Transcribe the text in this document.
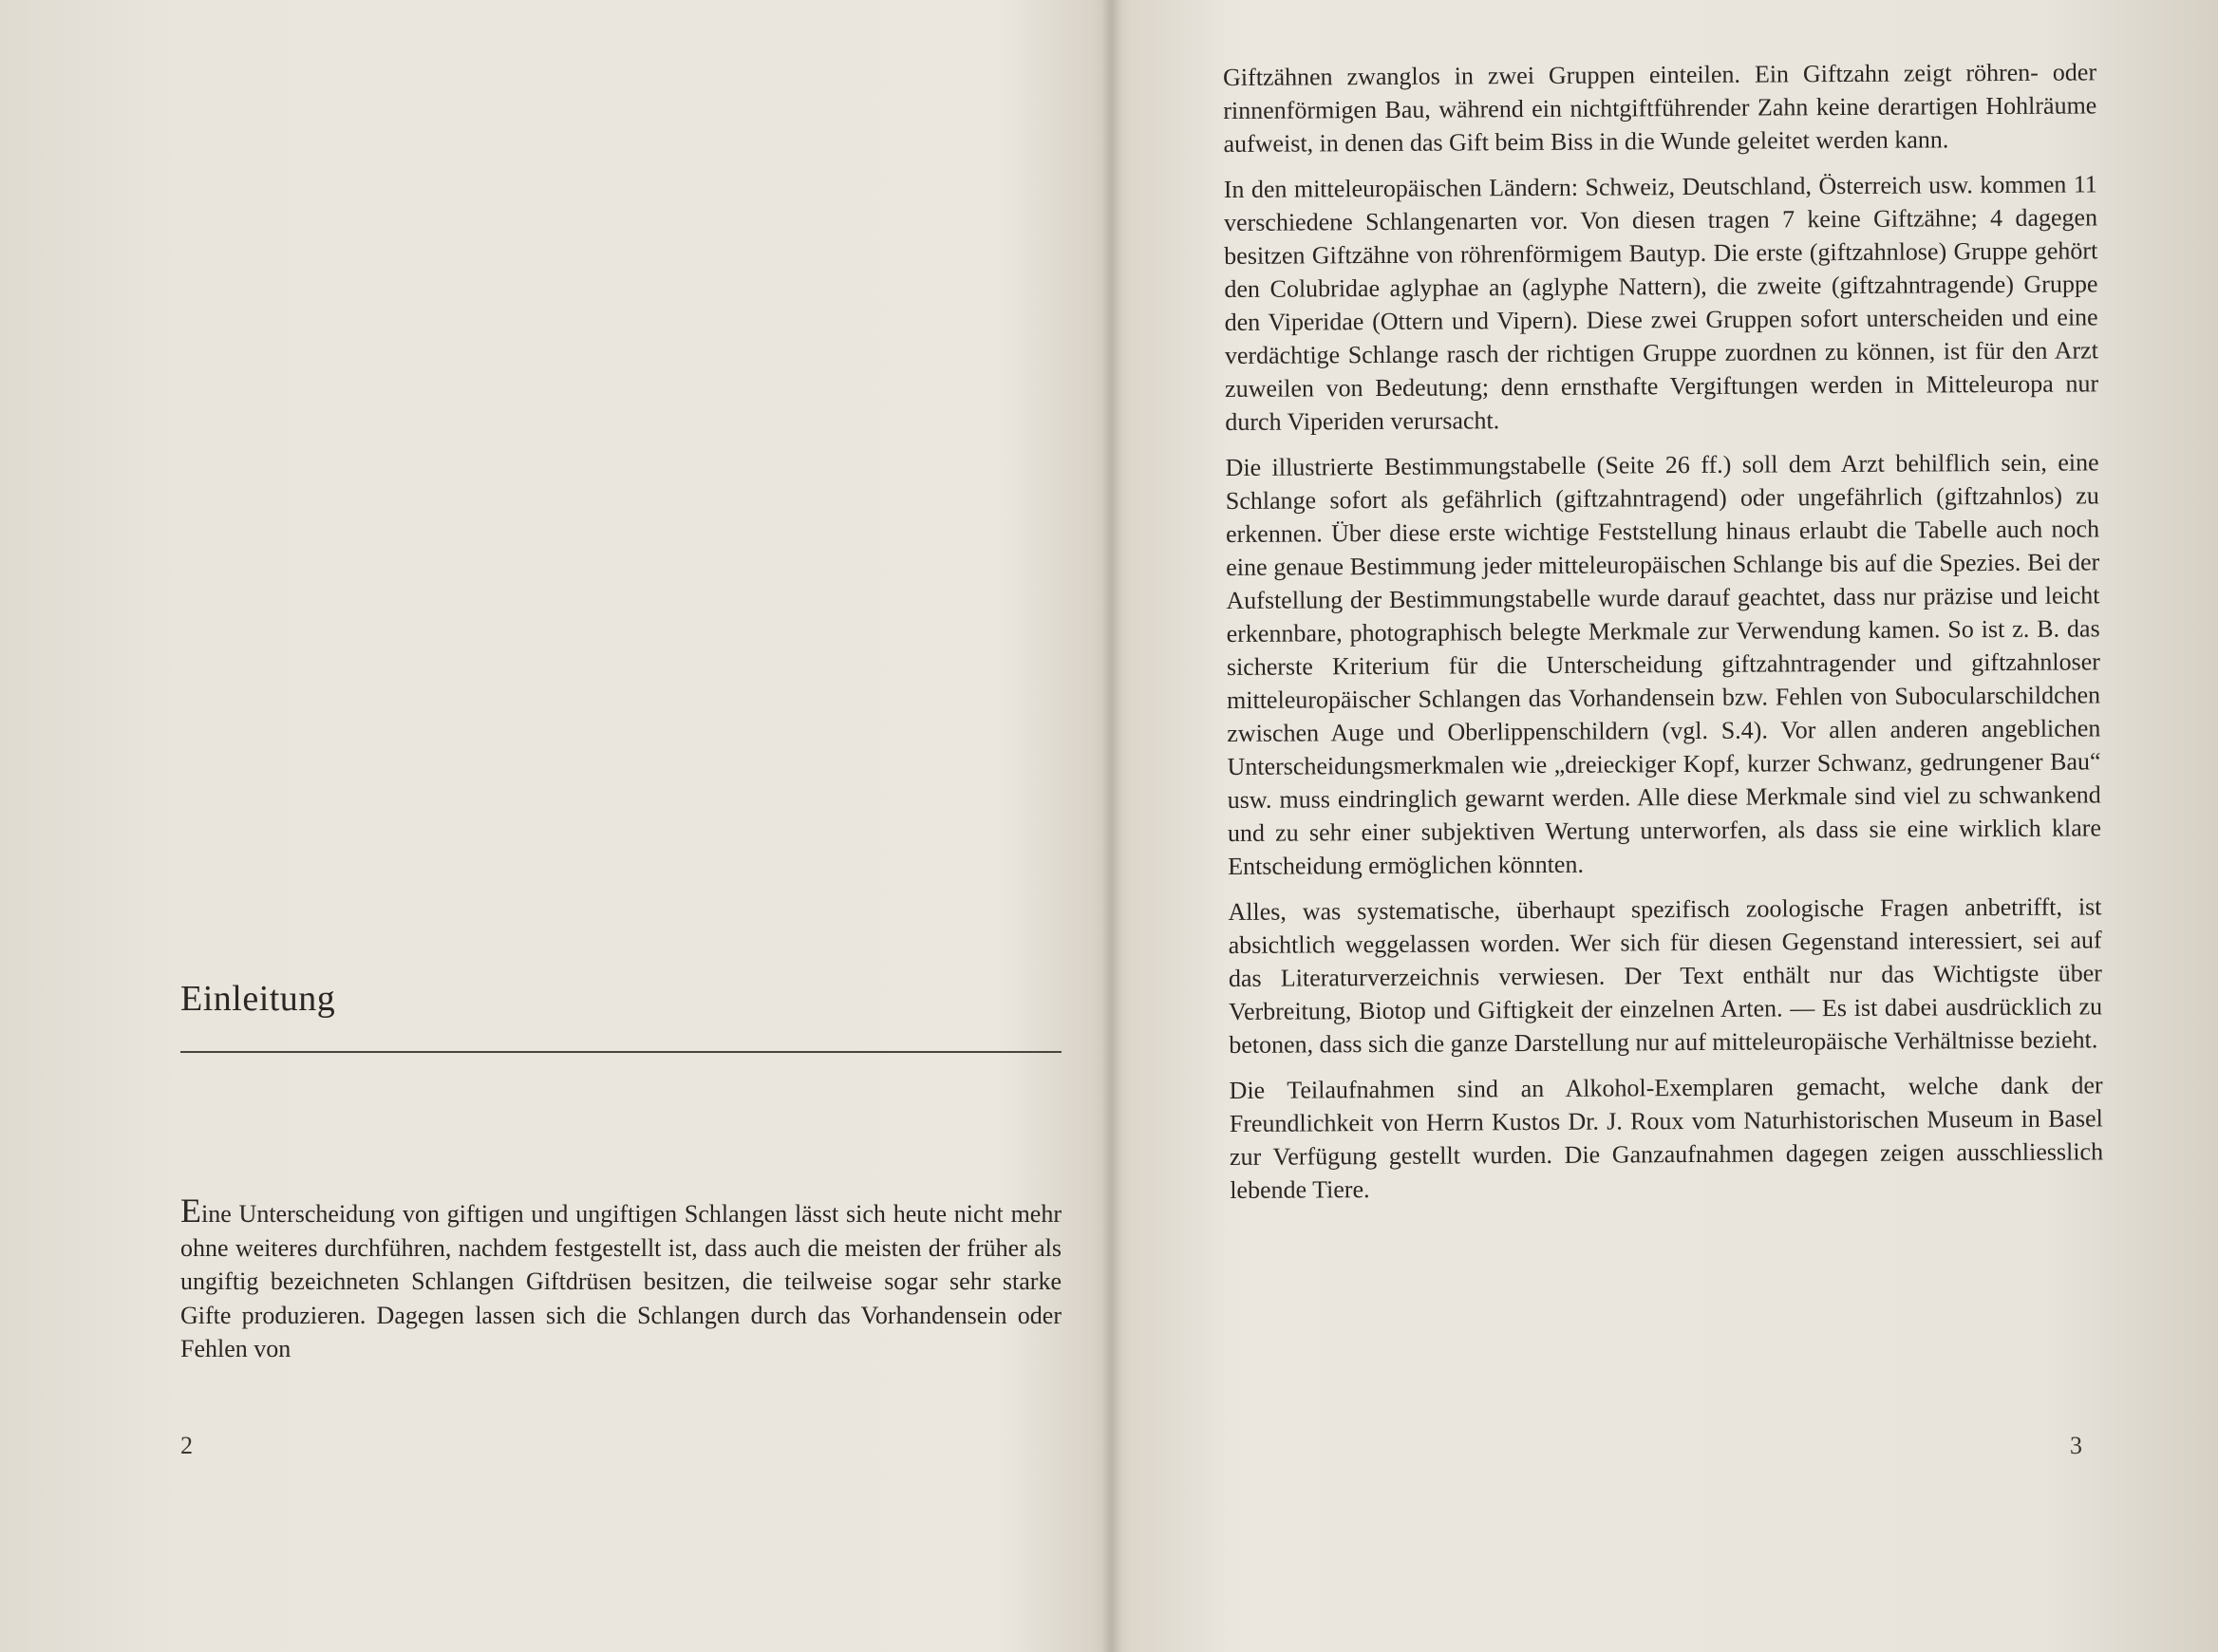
Einleitung

Eine Unterscheidung von giftigen und ungiftigen Schlangen lässt sich heute nicht mehr ohne weiteres durchführen, nachdem festgestellt ist, dass auch die meisten der früher als ungiftig bezeichneten Schlangen Giftdrüsen besitzen, die teilweise sogar sehr starke Gifte produzieren. Dagegen lassen sich die Schlangen durch das Vorhandensein oder Fehlen von

2

Giftzähnen zwanglos in zwei Gruppen einteilen. Ein Giftzahn zeigt röhren- oder rinnenförmigen Bau, während ein nichtgiftführender Zahn keine derartigen Hohlräume aufweist, in denen das Gift beim Biss in die Wunde geleitet werden kann.

In den mitteleuropäischen Ländern: Schweiz, Deutschland, Österreich usw. kommen 11 verschiedene Schlangenarten vor. Von diesen tragen 7 keine Giftzähne; 4 dagegen besitzen Giftzähne von röhrenförmigem Bautyp. Die erste (giftzahnlose) Gruppe gehört den Colubridae aglyphae an (aglyphe Nattern), die zweite (giftzahntragende) Gruppe den Viperidae (Ottern und Vipern). Diese zwei Gruppen sofort unterscheiden und eine verdächtige Schlange rasch der richtigen Gruppe zuordnen zu können, ist für den Arzt zuweilen von Bedeutung; denn ernsthafte Vergiftungen werden in Mitteleuropa nur durch Viperiden verursacht.

Die illustrierte Bestimmungstabelle (Seite 26 ff.) soll dem Arzt behilflich sein, eine Schlange sofort als gefährlich (giftzahntragend) oder ungefährlich (giftzahnlos) zu erkennen. Über diese erste wichtige Feststellung hinaus erlaubt die Tabelle auch noch eine genaue Bestimmung jeder mitteleuropäischen Schlange bis auf die Spezies. Bei der Aufstellung der Bestimmungstabelle wurde darauf geachtet, dass nur präzise und leicht erkennbare, photographisch belegte Merkmale zur Verwendung kamen. So ist z. B. das sicherste Kriterium für die Unterscheidung giftzahntragender und giftzahnloser mitteleuropäischer Schlangen das Vorhandensein bzw. Fehlen von Subocularschildchen zwischen Auge und Oberlippenschildern (vgl. S.4). Vor allen anderen angeblichen Unterscheidungsmerkmalen wie „dreieckiger Kopf, kurzer Schwanz, gedrungener Bau“ usw. muss eindringlich gewarnt werden. Alle diese Merkmale sind viel zu schwankend und zu sehr einer subjektiven Wertung unterworfen, als dass sie eine wirklich klare Entscheidung ermöglichen könnten.

Alles, was systematische, überhaupt spezifisch zoologische Fragen anbetrifft, ist absichtlich weggelassen worden. Wer sich für diesen Gegenstand interessiert, sei auf das Literaturverzeichnis verwiesen. Der Text enthält nur das Wichtigste über Verbreitung, Biotop und Giftigkeit der einzelnen Arten. — Es ist dabei ausdrücklich zu betonen, dass sich die ganze Darstellung nur auf mitteleuropäische Verhältnisse bezieht.

Die Teilaufnahmen sind an Alkohol-Exemplaren gemacht, welche dank der Freundlichkeit von Herrn Kustos Dr. J. Roux vom Naturhistorischen Museum in Basel zur Verfügung gestellt wurden. Die Ganzaufnahmen dagegen zeigen ausschliesslich lebende Tiere.

3
